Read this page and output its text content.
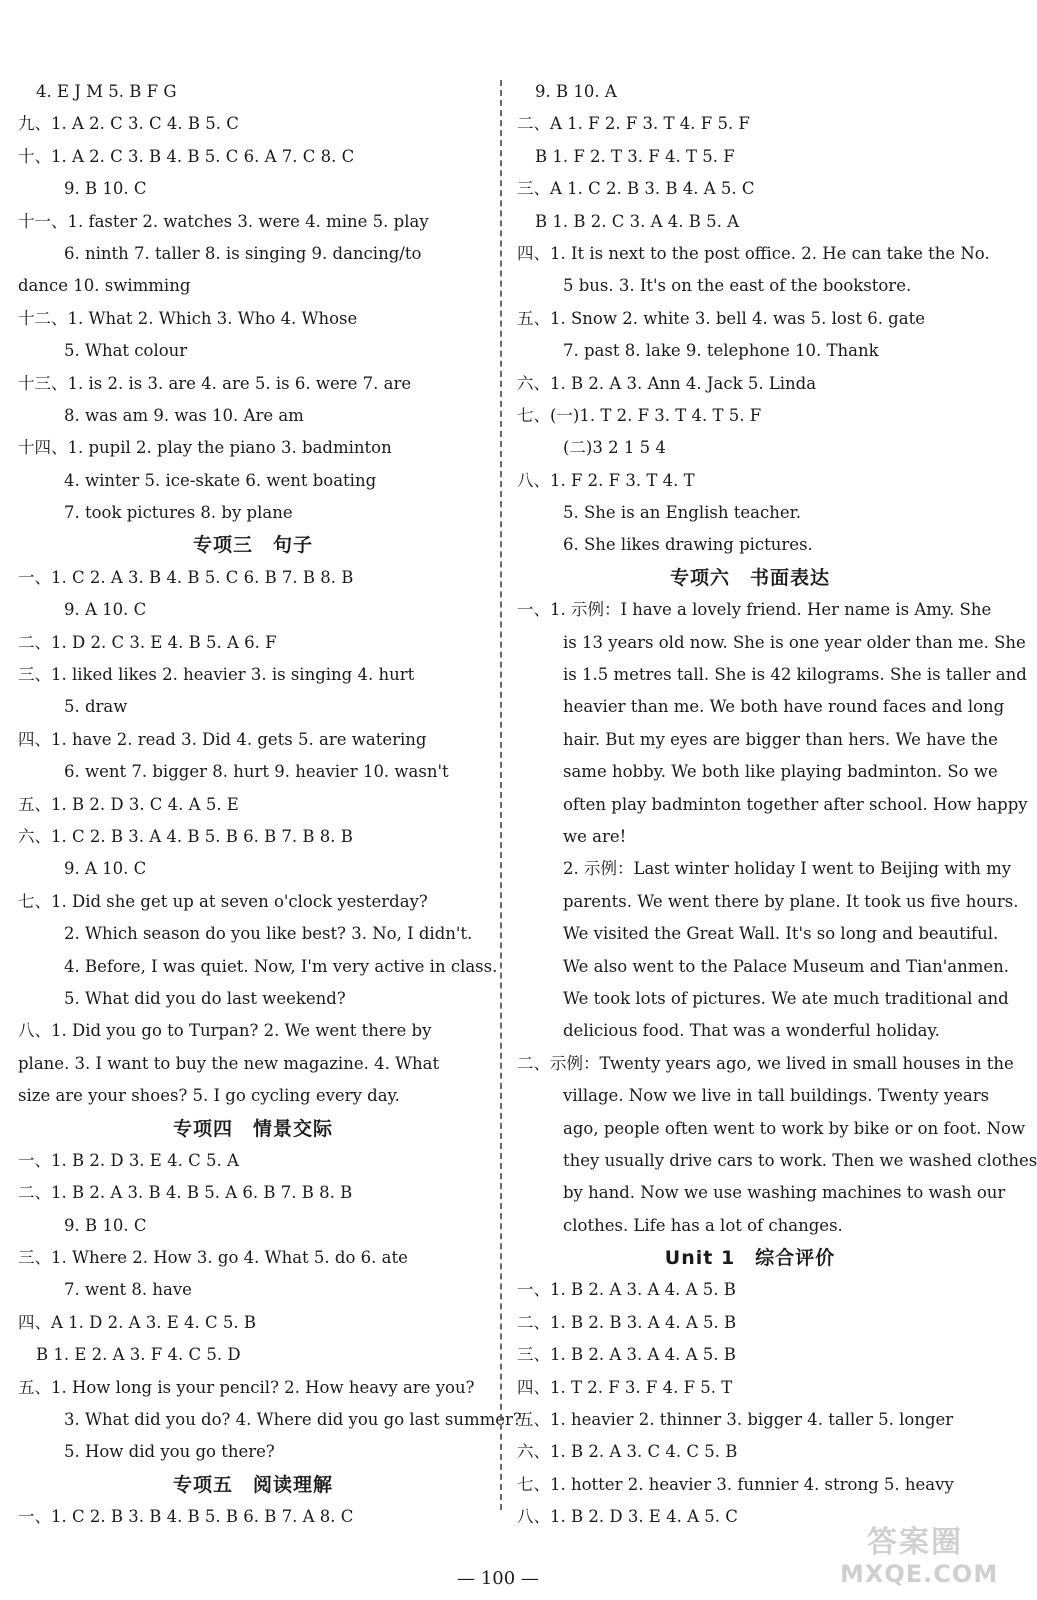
4. E J M 5. B F G
九、1. A 2. C 3. C 4. B 5. C
十、1. A 2. C 3. B 4. B 5. C 6. A 7. C 8. C
9. B 10. C
十一、1. faster 2. watches 3. were 4. mine 5. play
6. ninth 7. taller 8. is singing 9. dancing/to
dance 10. swimming
十二、1. What 2. Which 3. Who 4. Whose
5. What colour
十三、1. is 2. is 3. are 4. are 5. is 6. were 7. are
8. was am 9. was 10. Are am
十四、1. pupil 2. play the piano 3. badminton
4. winter 5. ice-skate 6. went boating
7. took pictures 8. by plane
专项三　句子
一、1. C 2. A 3. B 4. B 5. C 6. B 7. B 8. B
9. A 10. C
二、1. D 2. C 3. E 4. B 5. A 6. F
三、1. liked likes 2. heavier 3. is singing 4. hurt
5. draw
四、1. have 2. read 3. Did 4. gets 5. are watering
6. went 7. bigger 8. hurt 9. heavier 10. wasn't
五、1. B 2. D 3. C 4. A 5. E
六、1. C 2. B 3. A 4. B 5. B 6. B 7. B 8. B
9. A 10. C
七、1. Did she get up at seven o'clock yesterday?
2. Which season do you like best? 3. No, I didn't.
4. Before, I was quiet. Now, I'm very active in class.
5. What did you do last weekend?
八、1. Did you go to Turpan? 2. We went there by
plane. 3. I want to buy the new magazine. 4. What
size are your shoes? 5. I go cycling every day.
专项四　情景交际
一、1. B 2. D 3. E 4. C 5. A
二、1. B 2. A 3. B 4. B 5. A 6. B 7. B 8. B
9. B 10. C
三、1. Where 2. How 3. go 4. What 5. do 6. ate
7. went 8. have
四、A 1. D 2. A 3. E 4. C 5. B
B 1. E 2. A 3. F 4. C 5. D
五、1. How long is your pencil? 2. How heavy are you?
3. What did you do? 4. Where did you go last summer?
5. How did you go there?
专项五　阅读理解
一、1. C 2. B 3. B 4. B 5. B 6. B 7. A 8. C
9. B 10. A
二、A 1. F 2. F 3. T 4. F 5. F
B 1. F 2. T 3. F 4. T 5. F
三、A 1. C 2. B 3. B 4. A 5. C
B 1. B 2. C 3. A 4. B 5. A
四、1. It is next to the post office. 2. He can take the No.
5 bus. 3. It's on the east of the bookstore.
五、1. Snow 2. white 3. bell 4. was 5. lost 6. gate
7. past 8. lake 9. telephone 10. Thank
六、1. B 2. A 3. Ann 4. Jack 5. Linda
七、(一)1. T 2. F 3. T 4. T 5. F
(二)3 2 1 5 4
八、1. F 2. F 3. T 4. T
5. She is an English teacher.
6. She likes drawing pictures.
专项六　书面表达
一、1. 示例：I have a lovely friend. Her name is Amy. She
is 13 years old now. She is one year older than me. She
is 1.5 metres tall. She is 42 kilograms. She is taller and
heavier than me. We both have round faces and long
hair. But my eyes are bigger than hers. We have the
same hobby. We both like playing badminton. So we
often play badminton together after school. How happy
we are!
2. 示例：Last winter holiday I went to Beijing with my
parents. We went there by plane. It took us five hours.
We visited the Great Wall. It's so long and beautiful.
We also went to the Palace Museum and Tian'anmen.
We took lots of pictures. We ate much traditional and
delicious food. That was a wonderful holiday.
二、示例：Twenty years ago, we lived in small houses in the
village. Now we live in tall buildings. Twenty years
ago, people often went to work by bike or on foot. Now
they usually drive cars to work. Then we washed clothes
by hand. Now we use washing machines to wash our
clothes. Life has a lot of changes.
Unit 1　综合评价
一、1. B 2. A 3. A 4. A 5. B
二、1. B 2. B 3. A 4. A 5. B
三、1. B 2. A 3. A 4. A 5. B
四、1. T 2. F 3. F 4. F 5. T
五、1. heavier 2. thinner 3. bigger 4. taller 5. longer
六、1. B 2. A 3. C 4. C 5. B
七、1. hotter 2. heavier 3. funnier 4. strong 5. heavy
八、1. B 2. D 3. E 4. A 5. C
— 100 —
答案圈
MXQE.COM
